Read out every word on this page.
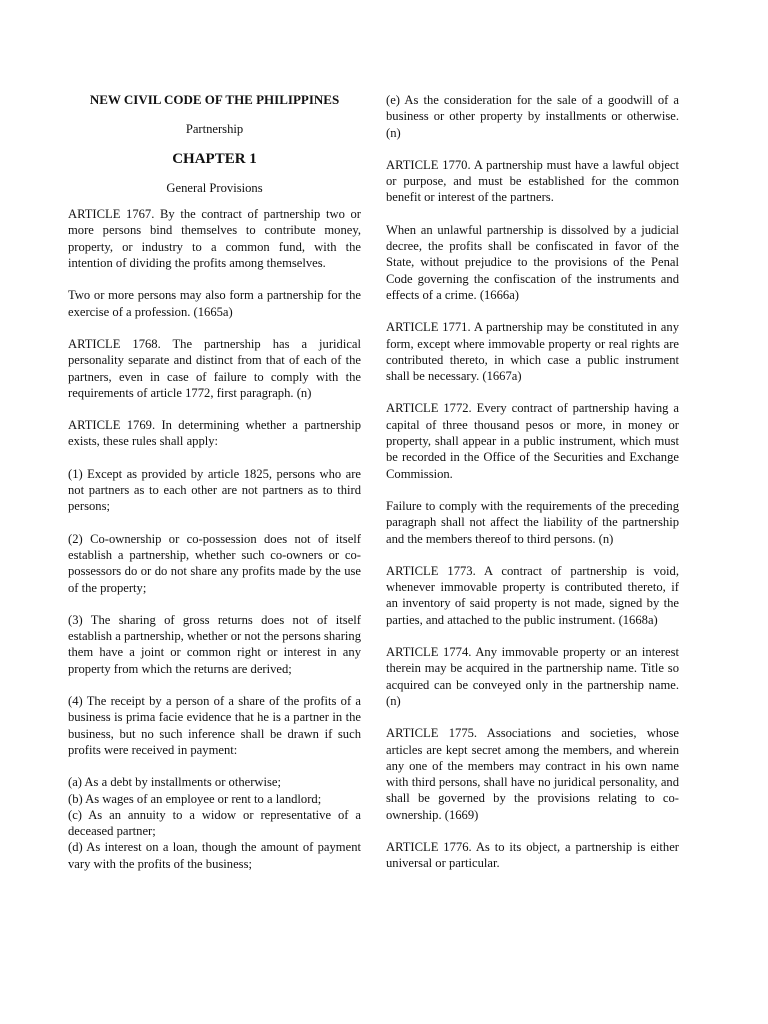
NEW CIVIL CODE OF THE PHILIPPINES
Partnership
CHAPTER 1
General Provisions

ARTICLE 1767. By the contract of partnership two or more persons bind themselves to contribute money, property, or industry to a common fund, with the intention of dividing the profits among themselves.

Two or more persons may also form a partnership for the exercise of a profession. (1665a)

ARTICLE 1768. The partnership has a juridical personality separate and distinct from that of each of the partners, even in case of failure to comply with the requirements of article 1772, first paragraph. (n)

ARTICLE 1769. In determining whether a partnership exists, these rules shall apply:

(1) Except as provided by article 1825, persons who are not partners as to each other are not partners as to third persons;

(2) Co-ownership or co-possession does not of itself establish a partnership, whether such co-owners or co-possessors do or do not share any profits made by the use of the property;

(3) The sharing of gross returns does not of itself establish a partnership, whether or not the persons sharing them have a joint or common right or interest in any property from which the returns are derived;

(4) The receipt by a person of a share of the profits of a business is prima facie evidence that he is a partner in the business, but no such inference shall be drawn if such profits were received in payment:

(a) As a debt by installments or otherwise;
(b) As wages of an employee or rent to a landlord;
(c) As an annuity to a widow or representative of a deceased partner;
(d) As interest on a loan, though the amount of payment vary with the profits of the business;

(e) As the consideration for the sale of a goodwill of a business or other property by installments or otherwise. (n)

ARTICLE 1770. A partnership must have a lawful object or purpose, and must be established for the common benefit or interest of the partners.

When an unlawful partnership is dissolved by a judicial decree, the profits shall be confiscated in favor of the State, without prejudice to the provisions of the Penal Code governing the confiscation of the instruments and effects of a crime. (1666a)

ARTICLE 1771. A partnership may be constituted in any form, except where immovable property or real rights are contributed thereto, in which case a public instrument shall be necessary. (1667a)

ARTICLE 1772. Every contract of partnership having a capital of three thousand pesos or more, in money or property, shall appear in a public instrument, which must be recorded in the Office of the Securities and Exchange Commission.

Failure to comply with the requirements of the preceding paragraph shall not affect the liability of the partnership and the members thereof to third persons. (n)

ARTICLE 1773. A contract of partnership is void, whenever immovable property is contributed thereto, if an inventory of said property is not made, signed by the parties, and attached to the public instrument. (1668a)

ARTICLE 1774. Any immovable property or an interest therein may be acquired in the partnership name. Title so acquired can be conveyed only in the partnership name. (n)

ARTICLE 1775. Associations and societies, whose articles are kept secret among the members, and wherein any one of the members may contract in his own name with third persons, shall have no juridical personality, and shall be governed by the provisions relating to co-ownership. (1669)

ARTICLE 1776. As to its object, a partnership is either universal or particular.
